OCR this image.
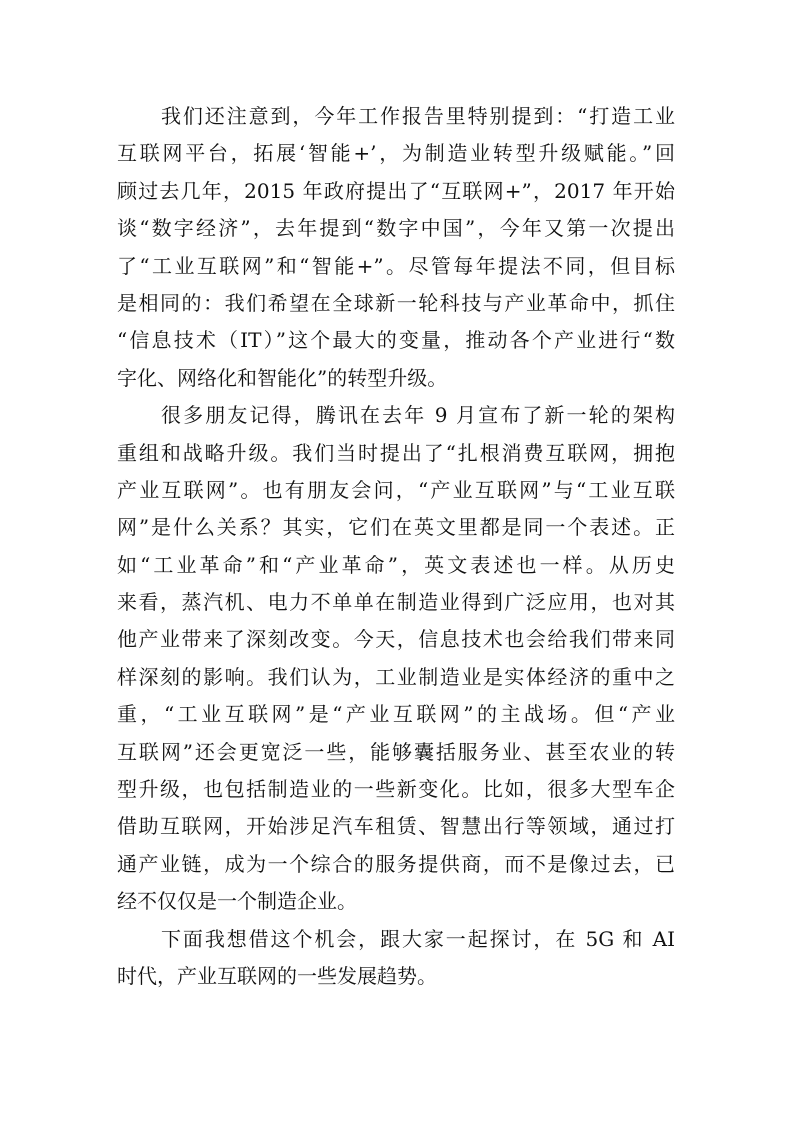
我们还注意到，今年工作报告里特别提到：“打造工业
互联网平台，拓展‘智能+’，为制造业转型升级赋能。”回
顾过去几年，2015 年政府提出了“互联网+”，2017 年开始
谈“数字经济”，去年提到“数字中国”，今年又第一次提出
了“工业互联网”和“智能+”。尽管每年提法不同，但目标
是相同的：我们希望在全球新一轮科技与产业革命中，抓住
“信息技术（IT）”这个最大的变量，推动各个产业进行“数
字化、网络化和智能化”的转型升级。

很多朋友记得，腾讯在去年 9 月宣布了新一轮的架构
重组和战略升级。我们当时提出了“扎根消费互联网，拥抱
产业互联网”。也有朋友会问，“产业互联网”与“工业互联
网”是什么关系？其实，它们在英文里都是同一个表述。正
如“工业革命”和“产业革命”，英文表述也一样。从历史
来看，蒸汽机、电力不单单在制造业得到广泛应用，也对其
他产业带来了深刻改变。今天，信息技术也会给我们带来同
样深刻的影响。我们认为，工业制造业是实体经济的重中之
重，“工业互联网”是“产业互联网”的主战场。但“产业
互联网”还会更宽泛一些，能够囊括服务业、甚至农业的转
型升级，也包括制造业的一些新变化。比如，很多大型车企
借助互联网，开始涉足汽车租赁、智慧出行等领域，通过打
通产业链，成为一个综合的服务提供商，而不是像过去，已
经不仅仅是一个制造企业。

下面我想借这个机会，跟大家一起探讨，在 5G 和 AI
时代，产业互联网的一些发展趋势。
